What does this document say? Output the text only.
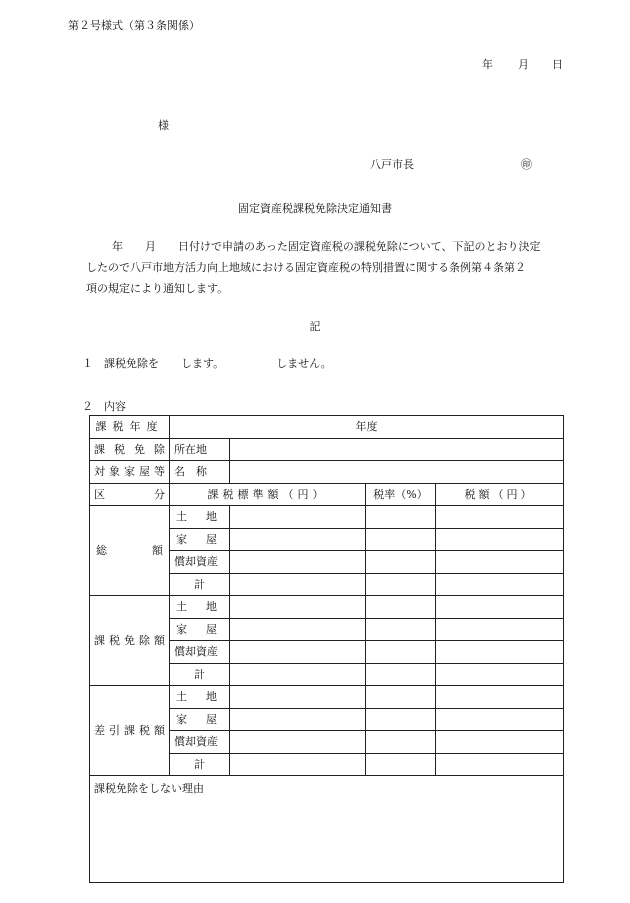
第２号様式（第３条関係）
年 月 日
様
八戸市長	㊞
固定資産税課税免除決定通知書
年　　月　　日付けで申請のあった固定資産税の課税免除について、下記のとおり決定
したので八戸市地方活力向上地域における固定資産税の特別措置に関する条例第４条第２
項の規定により通知します。
記
１　課税免除を します。	しません。
２　内容
課税年度	年度			
課税免除	所在地			
対象家屋等	名　称			
区　　分	課税標準額（円）		税率（%）	税額（円）
総額	土地			
	家屋			
	償却資産			
	計			
課税免除額	土地			
	家屋			
	償却資産			
	計			
差引課税額	土地			
	家屋			
	償却資産			
	計			
課税免除をしない理由				
